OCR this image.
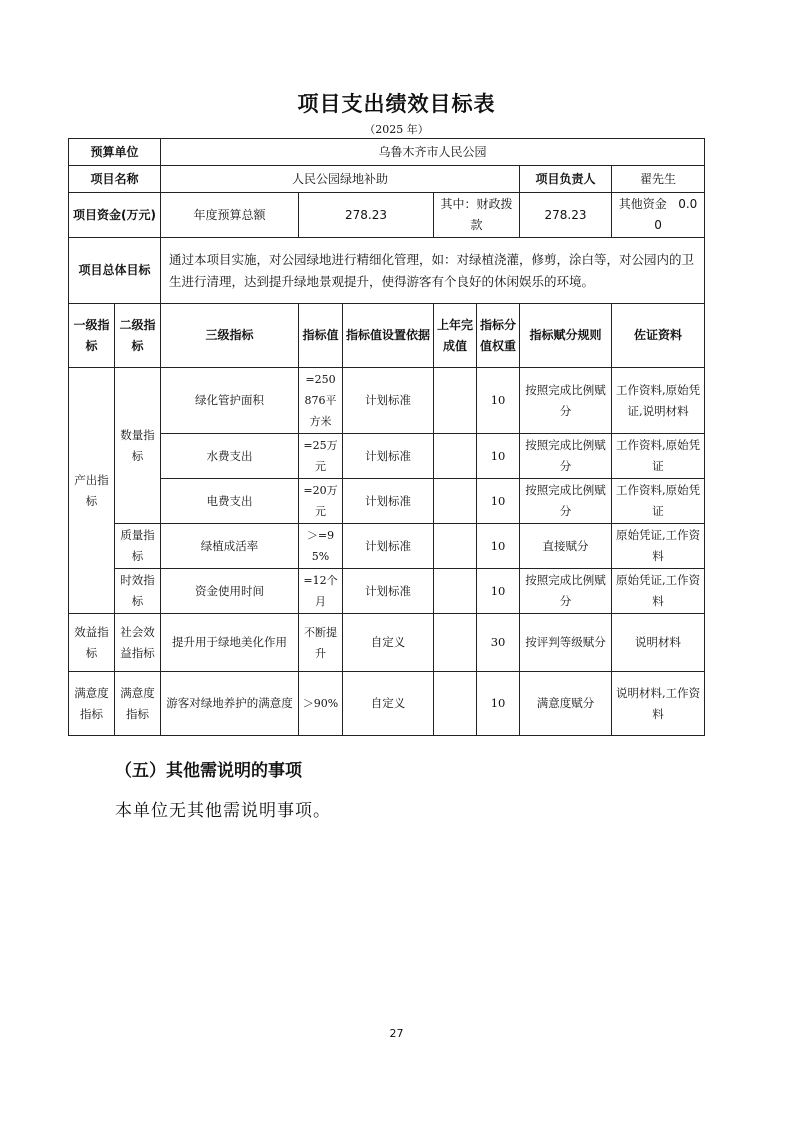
项目支出绩效目标表
（2025 年）
预算单位		乌鲁木齐市人民公园						
项目名称		人民公园绿地补助					项目负责人	翟先生
项目资金(万元)		年度预算总额	278.23		其中：财政拨款		278.23	其他资金 0.00
项目总体目标		通过本项目实施，对公园绿地进行精细化管理，如：对绿植浇灌，修剪，涂白等，对公园内的卫生进行清理，达到提升绿地景观提升，使得游客有个良好的休闲娱乐的环境。						
一级指标	二级指标	三级指标	指标值	指标值设置依据	上年完成值	指标分值权重	指标赋分规则	佐证资料
产出指标	数量指标	绿化管护面积	=250876平方米	计划标准		10	按照完成比例赋分	工作资料,原始凭证,说明材料
		水费支出	=25万元	计划标准		10	按照完成比例赋分	工作资料,原始凭证
		电费支出	=20万元	计划标准		10	按照完成比例赋分	工作资料,原始凭证
	质量指标	绿植成活率	＞=95%	计划标准		10	直接赋分	原始凭证,工作资料
	时效指标	资金使用时间	=12个月	计划标准		10	按照完成比例赋分	原始凭证,工作资料
效益指标	社会效益指标	提升用于绿地美化作用	不断提升	自定义		30	按评判等级赋分	说明材料
满意度指标	满意度指标	游客对绿地养护的满意度	＞90%	自定义		10	满意度赋分	说明材料,工作资料
（五）其他需说明的事项
本单位无其他需说明事项。
27
